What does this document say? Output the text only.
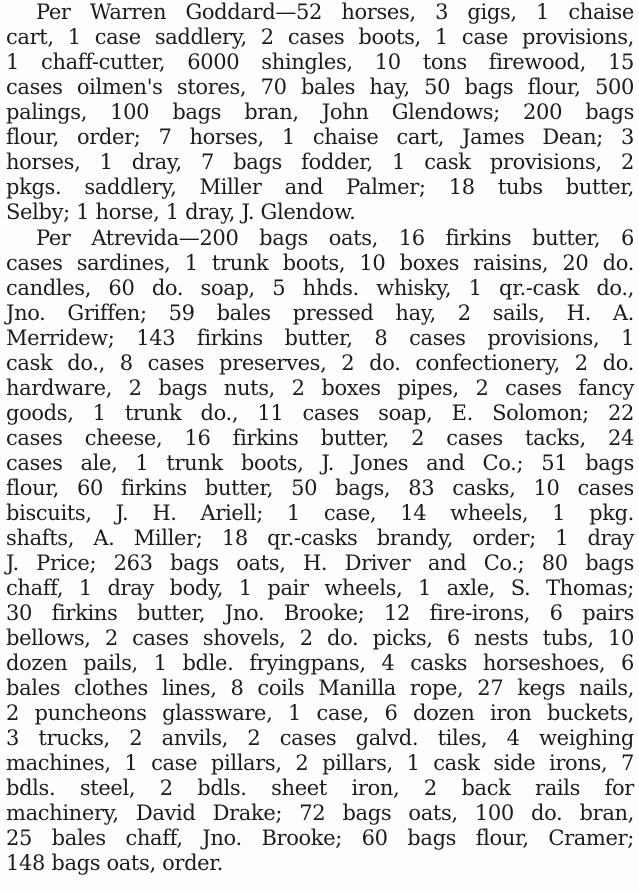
Per Warren Goddard—52 horses, 3 gigs, 1 chaise
cart, 1 case saddlery, 2 cases boots, 1 case provisions,
1 chaff-cutter, 6000 shingles, 10 tons firewood, 15
cases oilmen's stores, 70 bales hay, 50 bags flour, 500
palings, 100 bags bran, John Glendows; 200 bags
flour, order; 7 horses, 1 chaise cart, James Dean; 3
horses, 1 dray, 7 bags fodder, 1 cask provisions, 2
pkgs. saddlery, Miller and Palmer; 18 tubs butter,
Selby; 1 horse, 1 dray, J. Glendow.
Per Atrevida—200 bags oats, 16 firkins butter, 6
cases sardines, 1 trunk boots, 10 boxes raisins, 20 do.
candles, 60 do. soap, 5 hhds. whisky, 1 qr.-cask do.,
Jno. Griffen; 59 bales pressed hay, 2 sails, H. A.
Merridew; 143 firkins butter, 8 cases provisions, 1
cask do., 8 cases preserves, 2 do. confectionery, 2 do.
hardware, 2 bags nuts, 2 boxes pipes, 2 cases fancy
goods, 1 trunk do., 11 cases soap, E. Solomon; 22
cases cheese, 16 firkins butter, 2 cases tacks, 24
cases ale, 1 trunk boots, J. Jones and Co.; 51 bags
flour, 60 firkins butter, 50 bags, 83 casks, 10 cases
biscuits, J. H. Ariell; 1 case, 14 wheels, 1 pkg.
shafts, A. Miller; 18 qr.-casks brandy, order; 1 dray
J. Price; 263 bags oats, H. Driver and Co.; 80 bags
chaff, 1 dray body, 1 pair wheels, 1 axle, S. Thomas;
30 firkins butter, Jno. Brooke; 12 fire-irons, 6 pairs
bellows, 2 cases shovels, 2 do. picks, 6 nests tubs, 10
dozen pails, 1 bdle. fryingpans, 4 casks horseshoes, 6
bales clothes lines, 8 coils Manilla rope, 27 kegs nails,
2 puncheons glassware, 1 case, 6 dozen iron buckets,
3 trucks, 2 anvils, 2 cases galvd. tiles, 4 weighing
machines, 1 case pillars, 2 pillars, 1 cask side irons, 7
bdls. steel, 2 bdls. sheet iron, 2 back rails for
machinery, David Drake; 72 bags oats, 100 do. bran,
25 bales chaff, Jno. Brooke; 60 bags flour, Cramer;
148 bags oats, order.
